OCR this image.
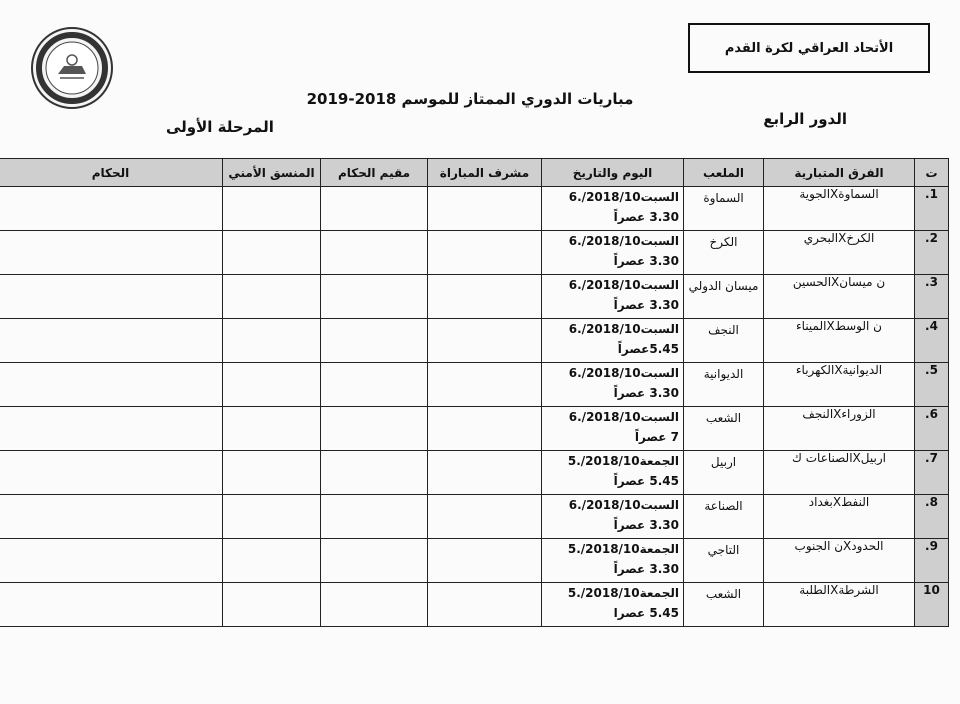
الأتحاد العراقي لكرة القدم
مباريات الدوري الممتاز للموسم 2018-2019
الدور الرابع
المرحلة الأولى
ت	الفرق المتبارية	الملعب	اليوم والتاريخ	مشرف المباراة	مقيم الحكام	المنسق الأمني	الحكام
1.	السماوةXالجوية	السماوة	السبت2018/10/.6
3.30 عصراً				

2.	الكرخXالبحري	الكرخ	السبت2018/10/.6
3.30 عصراً				

3.	ن ميسانXالحسين	ميسان الدولي	السبت2018/10/.6
3.30 عصراً				

4.	ن الوسطXالميناء	النجف	السبت2018/10/.6
5.45عصراً				

5.	الديوانيةXالكهرباء	الديوانية	السبت2018/10/.6
3.30 عصراً				

6.	الزوراءXالنجف	الشعب	السبت2018/10/.6
7 عصراً				

7.	اربيلXالصناعات ك	اربيل	الجمعة2018/10/.5
5.45 عصراً				

8.	النفطXبغداد	الصناعة	السبت2018/10/.6
3.30 عصراً				

9.	الحدودXن الجنوب	التاجي	الجمعة2018/10/.5
3.30 عصراً				

10	الشرطةXالطلبة	الشعب	الجمعة2018/10/.5
5.45 عصرا				
